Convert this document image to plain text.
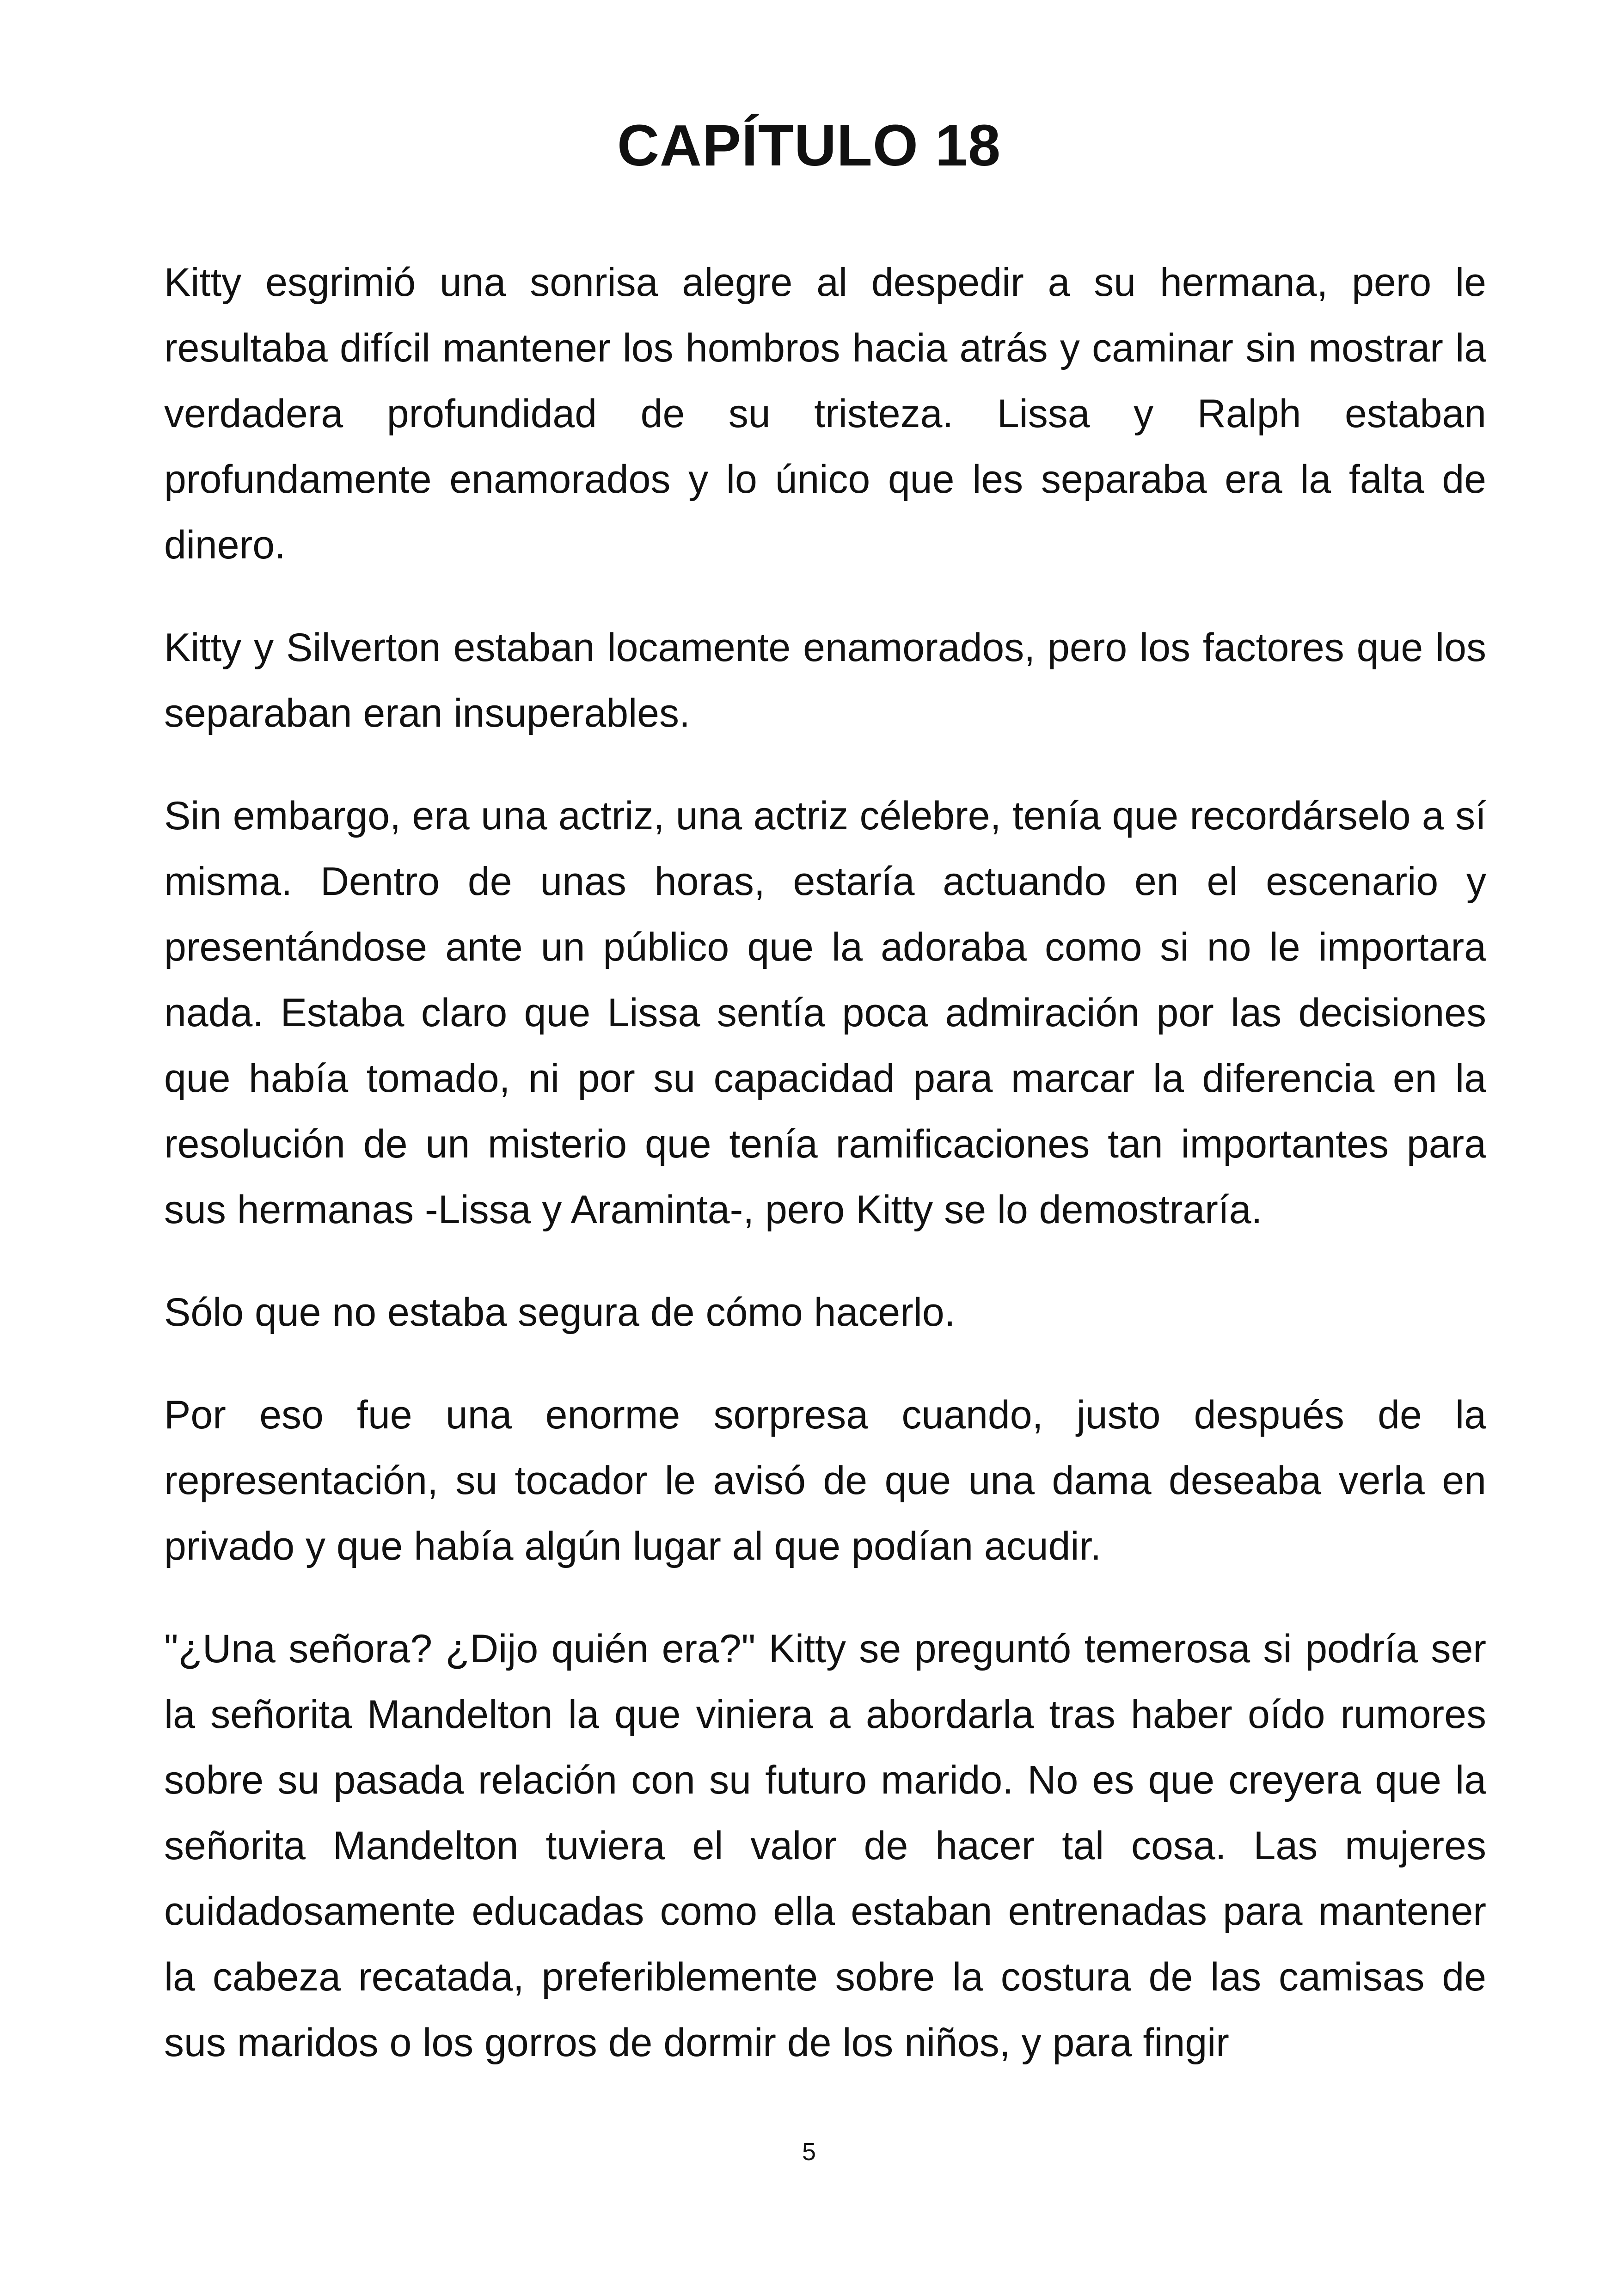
CAPÍTULO 18

Kitty esgrimió una sonrisa alegre al despedir a su hermana, pero le resultaba difícil mantener los hombros hacia atrás y caminar sin mostrar la verdadera profundidad de su tristeza. Lissa y Ralph estaban profundamente enamorados y lo único que les separaba era la falta de dinero.

Kitty y Silverton estaban locamente enamorados, pero los factores que los separaban eran insuperables.

Sin embargo, era una actriz, una actriz célebre, tenía que recordárselo a sí misma. Dentro de unas horas, estaría actuando en el escenario y presentándose ante un público que la adoraba como si no le importara nada. Estaba claro que Lissa sentía poca admiración por las decisiones que había tomado, ni por su capacidad para marcar la diferencia en la resolución de un misterio que tenía ramificaciones tan importantes para sus hermanas -Lissa y Araminta-, pero Kitty se lo demostraría.

Sólo que no estaba segura de cómo hacerlo.

Por eso fue una enorme sorpresa cuando, justo después de la representación, su tocador le avisó de que una dama deseaba verla en privado y que había algún lugar al que podían acudir.

"¿Una señora? ¿Dijo quién era?" Kitty se preguntó temerosa si podría ser la señorita Mandelton la que viniera a abordarla tras haber oído rumores sobre su pasada relación con su futuro marido. No es que creyera que la señorita Mandelton tuviera el valor de hacer tal cosa. Las mujeres cuidadosamente educadas como ella estaban entrenadas para mantener la cabeza recatada, preferiblemente sobre la costura de las camisas de sus maridos o los gorros de dormir de los niños, y para fingir

5
